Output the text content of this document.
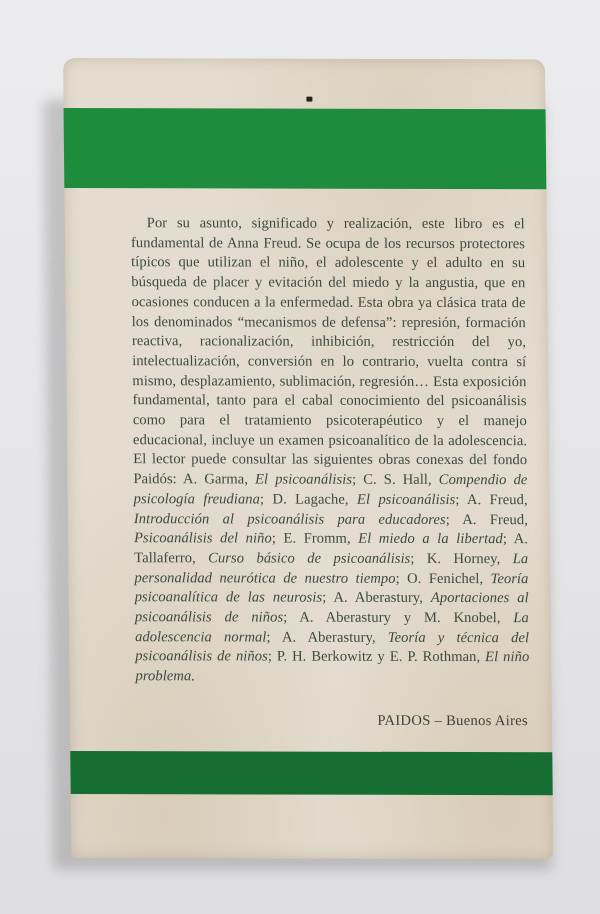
Por su asunto, significado y realización, este libro es el fundamental de Anna Freud. Se ocupa de los recursos protectores típicos que utilizan el niño, el adolescente y el adulto en su búsqueda de placer y evitación del miedo y la angustia, que en ocasiones conducen a la enfermedad. Esta obra ya clásica trata de los denominados “mecanismos de defensa”: represión, formación reactiva, racionalización, inhibición, restricción del yo, intelectualización, conversión en lo contrario, vuelta contra sí mismo, desplazamiento, sublimación, regresión… Esta exposición fundamental, tanto para el cabal conocimiento del psicoanálisis como para el tratamiento psicoterapéutico y el manejo educacional, incluye un examen psicoanalítico de la adolescencia. El lector puede consultar las siguientes obras conexas del fondo Paidós: A. Garma, El psicoanálisis; C. S. Hall, Compendio de psicología freudiana; D. Lagache, El psicoanálisis; A. Freud, Introducción al psicoanálisis para educadores; A. Freud, Psicoanálisis del niño; E. Fromm, El miedo a la libertad; A. Tallaferro, Curso básico de psicoanálisis; K. Horney, La personalidad neurótica de nuestro tiempo; O. Fenichel, Teoría psicoanalítica de las neurosis; A. Aberastury, Aportaciones al psicoanálisis de niños; A. Aberastury y M. Knobel, La adolescencia normal; A. Aberastury, Teoría y técnica del psicoanálisis de niños; P. H. Berkowitz y E. P. Rothman, El niño problema.

PAIDOS – Buenos Aires
